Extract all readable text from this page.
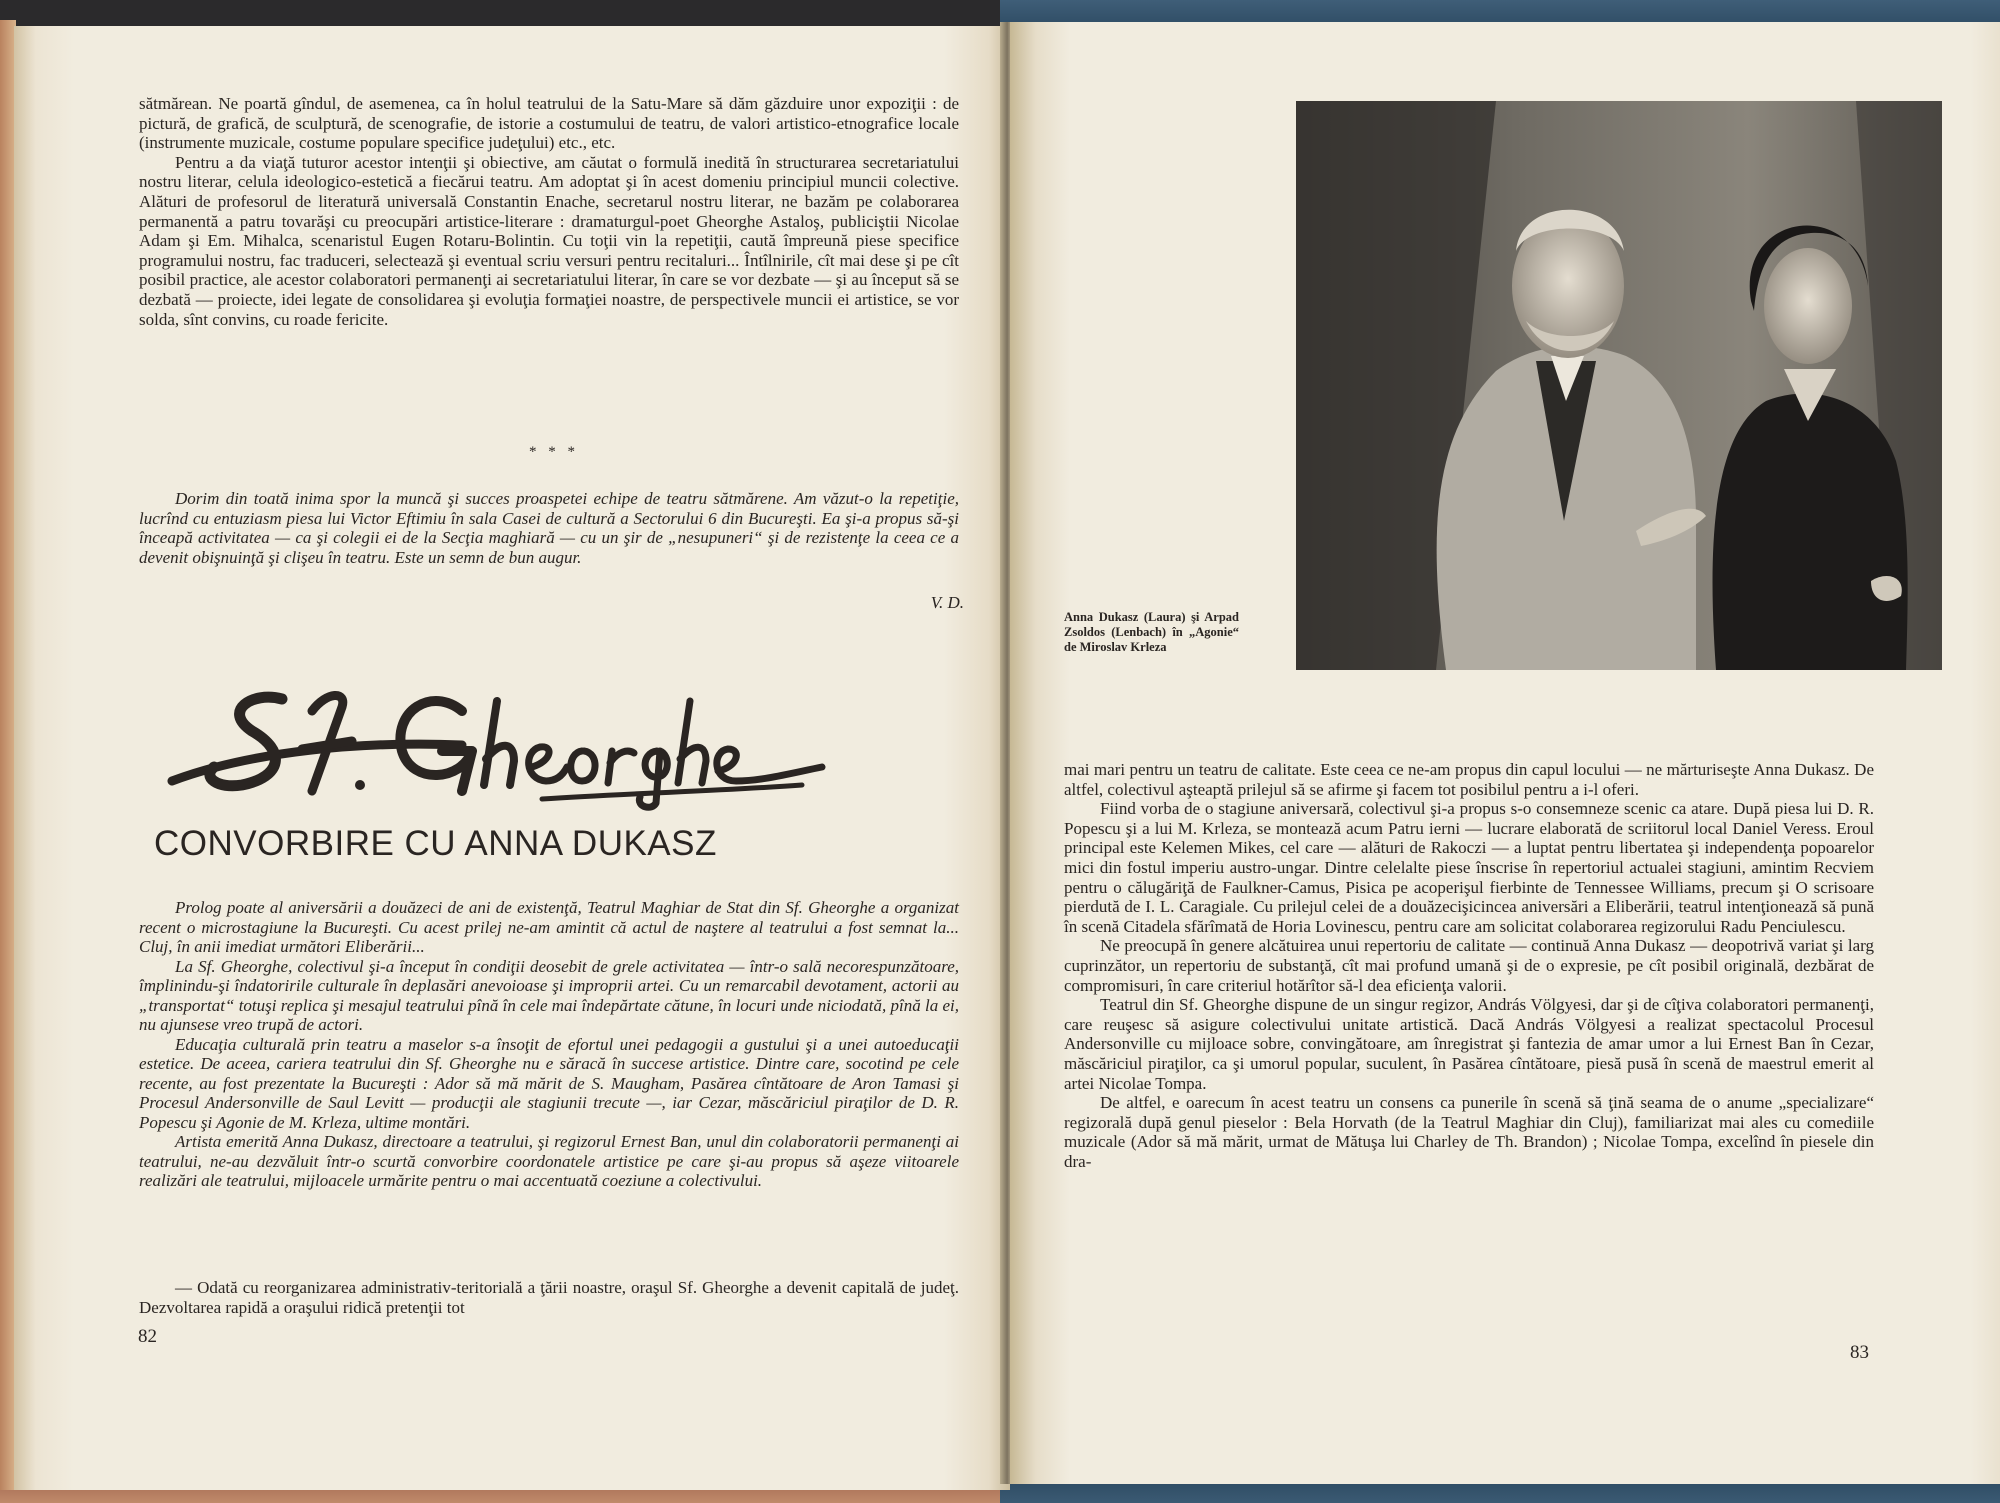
sătmărean. Ne poartă gîndul, de asemenea, ca în holul teatrului de la Satu-Mare să dăm găzduire unor expoziţii : de pictură, de grafică, de sculptură, de scenografie, de istorie a costumului de teatru, de valori artistico-etnografice locale (instrumente muzicale, costume populare specifice judeţului) etc., etc.

Pentru a da viaţă tuturor acestor intenţii şi obiective, am căutat o formulă inedită în structurarea secretariatului nostru literar, celula ideologico-estetică a fiecărui teatru. Am adoptat şi în acest domeniu principiul muncii colective. Alături de profesorul de literatură universală Constantin Enache, secretarul nostru literar, ne bazăm pe colaborarea permanentă a patru tovarăşi cu preocupări artistice-literare : dramaturgul-poet Gheorghe Astaloş, publiciştii Nicolae Adam şi Em. Mihalca, scenaristul Eugen Rotaru-Bolintin. Cu toţii vin la repetiţii, caută împreună piese specifice programului nostru, fac traduceri, selectează şi eventual scriu versuri pentru recitaluri... Întîlnirile, cît mai dese şi pe cît posibil practice, ale acestor colaboratori permanenţi ai secretariatului literar, în care se vor dezbate — şi au început să se dezbată — proiecte, idei legate de consolidarea şi evoluţia formaţiei noastre, de perspectivele muncii ei artistice, se vor solda, sînt convins, cu roade fericite.

* * *

Dorim din toată inima spor la muncă şi succes proaspetei echipe de teatru sătmărene. Am văzut-o la repetiţie, lucrînd cu entuziasm piesa lui Victor Eftimiu în sala Casei de cultură a Sectorului 6 din Bucureşti. Ea şi-a propus să-şi înceapă activitatea — ca şi colegii ei de la Secţia maghiară — cu un şir de „nesupuneri“ şi de rezistenţe la ceea ce a devenit obişnuinţă şi clişeu în teatru. Este un semn de bun augur.

V. D.
CONVORBIRE CU ANNA DUKASZ

Prolog poate al aniversării a douăzeci de ani de existenţă, Teatrul Maghiar de Stat din Sf. Gheorghe a organizat recent o microstagiune la Bucureşti. Cu acest prilej ne-am amintit că actul de naştere al teatrului a fost semnat la... Cluj, în anii imediat următori Eliberării...

La Sf. Gheorghe, colectivul şi-a început în condiţii deosebit de grele activitatea — într-o sală necorespunzătoare, împlinindu-şi îndatoririle culturale în deplasări anevoioase şi improprii artei. Cu un remarcabil devotament, actorii au „transportat“ totuşi replica şi mesajul teatrului pînă în cele mai îndepărtate cătune, în locuri unde niciodată, pînă la ei, nu ajunsese vreo trupă de actori.

Educaţia culturală prin teatru a maselor s-a însoţit de efortul unei pedagogii a gustului şi a unei autoeducaţii estetice. De aceea, cariera teatrului din Sf. Gheorghe nu e săracă în succese artistice. Dintre care, socotind pe cele recente, au fost prezentate la Bucureşti : Ador să mă mărit de S. Maugham, Pasărea cîntătoare de Aron Tamasi şi Procesul Andersonville de Saul Levitt — producţii ale stagiunii trecute —, iar Cezar, măscăriciul piraţilor de D. R. Popescu şi Agonie de M. Krleza, ultime montări.

Artista emerită Anna Dukasz, directoare a teatrului, şi regizorul Ernest Ban, unul din colaboratorii permanenţi ai teatrului, ne-au dezvăluit într-o scurtă convorbire coordonatele artistice pe care şi-au propus să aşeze viitoarele realizări ale teatrului, mijloacele urmărite pentru o mai accentuată coeziune a colectivului.

— Odată cu reorganizarea administrativ-teritorială a ţării noastre, oraşul Sf. Gheorghe a devenit capitală de judeţ. Dezvoltarea rapidă a oraşului ridică pretenţii tot

82
Anna Dukasz (Laura) şi Arpad Zsoldos (Lenbach) în „Agonie“ de Miroslav Krleza

mai mari pentru un teatru de calitate. Este ceea ce ne-am propus din capul locului — ne mărturiseşte Anna Dukasz. De altfel, colectivul aşteaptă prilejul să se afirme şi facem tot posibilul pentru a i-l oferi.

Fiind vorba de o stagiune aniversară, colectivul şi-a propus s-o consemneze scenic ca atare. După piesa lui D. R. Popescu şi a lui M. Krleza, se montează acum Patru ierni — lucrare elaborată de scriitorul local Daniel Veress. Eroul principal este Kelemen Mikes, cel care — alături de Rakoczi — a luptat pentru libertatea şi independenţa popoarelor mici din fostul imperiu austro-ungar. Dintre celelalte piese înscrise în repertoriul actualei stagiuni, amintim Recviem pentru o călugăriţă de Faulkner-Camus, Pisica pe acoperişul fierbinte de Tennessee Williams, precum şi O scrisoare pierdută de I. L. Caragiale. Cu prilejul celei de a douăzecişicincea aniversări a Eliberării, teatrul intenţionează să pună în scenă Citadela sfărîmată de Horia Lovinescu, pentru care am solicitat colaborarea regizorului Radu Penciulescu.

Ne preocupă în genere alcătuirea unui repertoriu de calitate — continuă Anna Dukasz — deopotrivă variat şi larg cuprinzător, un repertoriu de substanţă, cît mai profund umană şi de o expresie, pe cît posibil originală, dezbărat de compromisuri, în care criteriul hotărîtor să-l dea eficienţa valorii.

Teatrul din Sf. Gheorghe dispune de un singur regizor, András Völgyesi, dar şi de cîţiva colaboratori permanenţi, care reuşesc să asigure colectivului unitate artistică. Dacă András Völgyesi a realizat spectacolul Procesul Andersonville cu mijloace sobre, convingătoare, am înregistrat şi fantezia de amar umor a lui Ernest Ban în Cezar, măscăriciul piraţilor, ca şi umorul popular, suculent, în Pasărea cîntătoare, piesă pusă în scenă de maestrul emerit al artei Nicolae Tompa.

De altfel, e oarecum în acest teatru un consens ca punerile în scenă să ţină seama de o anume „specializare“ regizorală după genul pieselor : Bela Horvath (de la Teatrul Maghiar din Cluj), familiarizat mai ales cu comediile muzicale (Ador să mă mărit, urmat de Mătuşa lui Charley de Th. Brandon) ; Nicolae Tompa, excelînd în piesele din dra-

83
